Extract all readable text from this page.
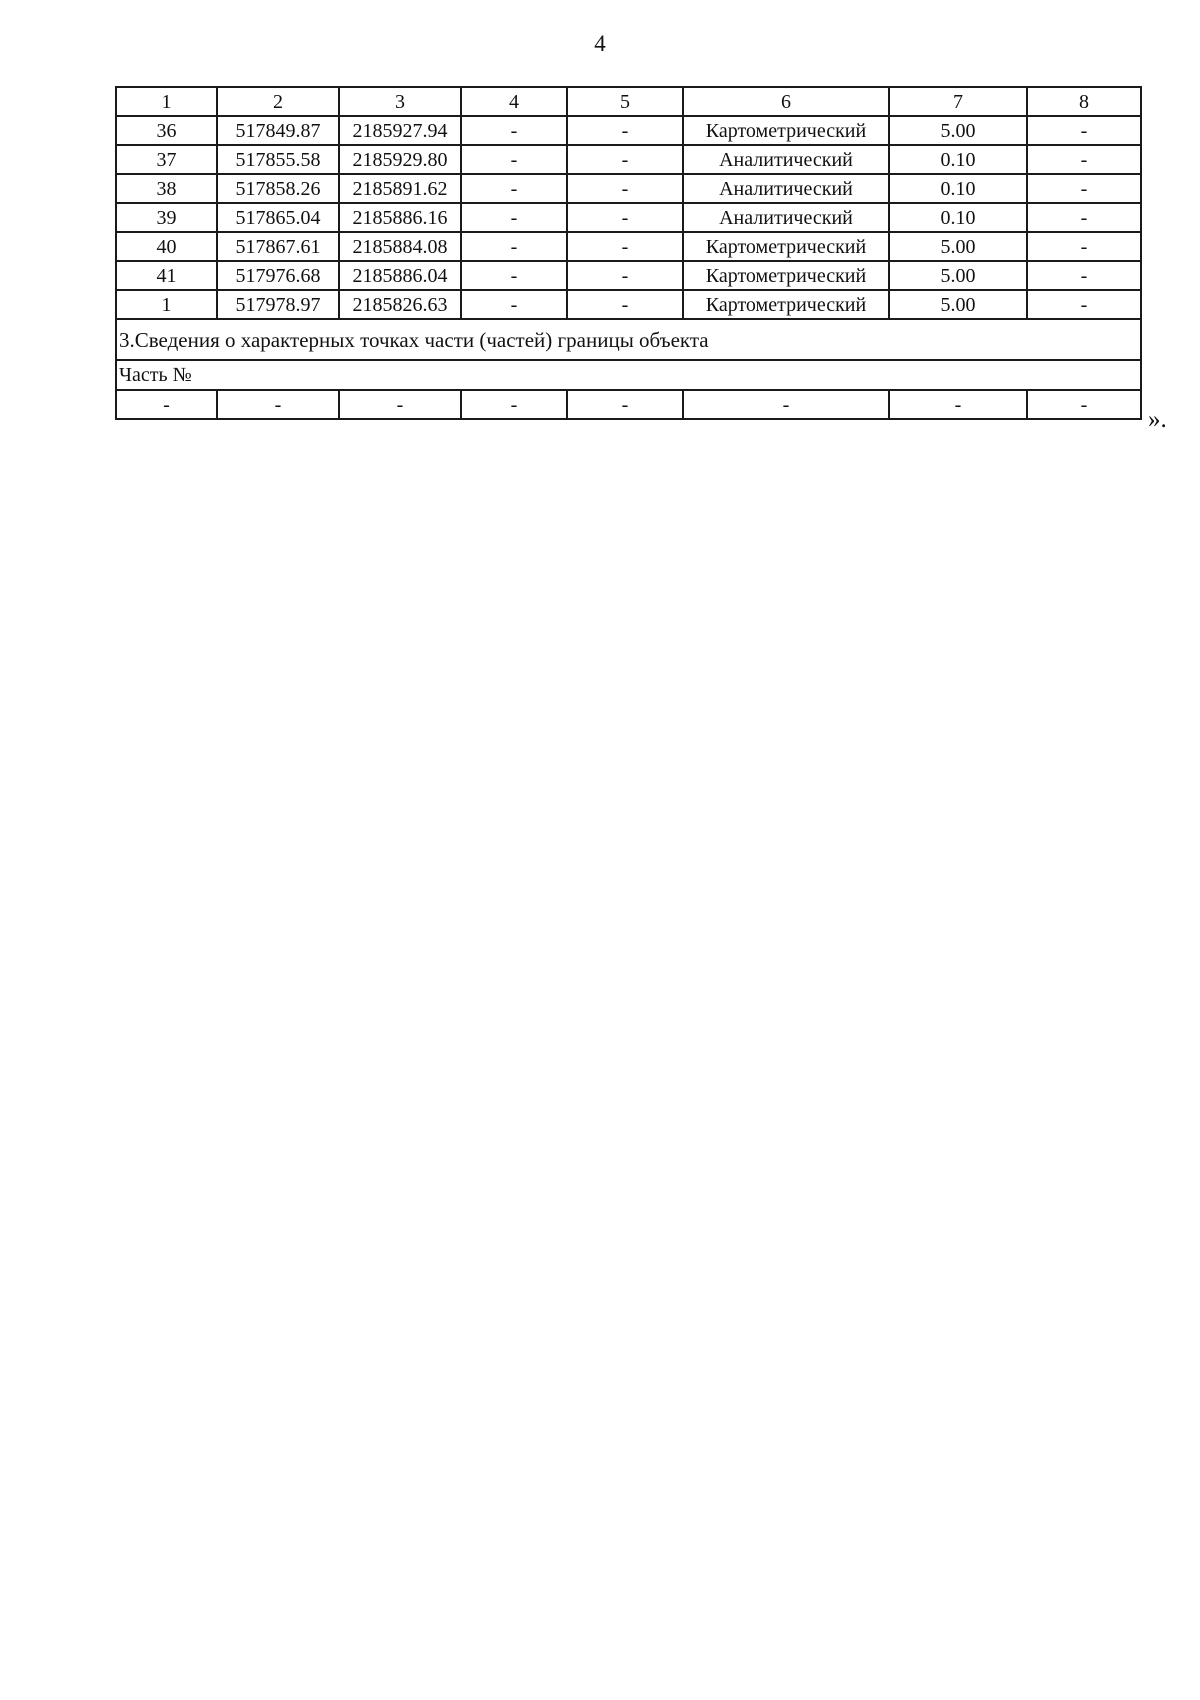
4
1	2	3	4	5	6	7	8
36	517849.87	2185927.94	-	-	Картометрический	5.00	-
37	517855.58	2185929.80	-	-	Аналитический	0.10	-
38	517858.26	2185891.62	-	-	Аналитический	0.10	-
39	517865.04	2185886.16	-	-	Аналитический	0.10	-
40	517867.61	2185884.08	-	-	Картометрический	5.00	-
41	517976.68	2185886.04	-	-	Картометрический	5.00	-
1	517978.97	2185826.63	-	-	Картометрический	5.00	-
3.Сведения о характерных точках части (частей) границы объекта							
Часть №							
-	-	-	-	-	-	-	-
».
